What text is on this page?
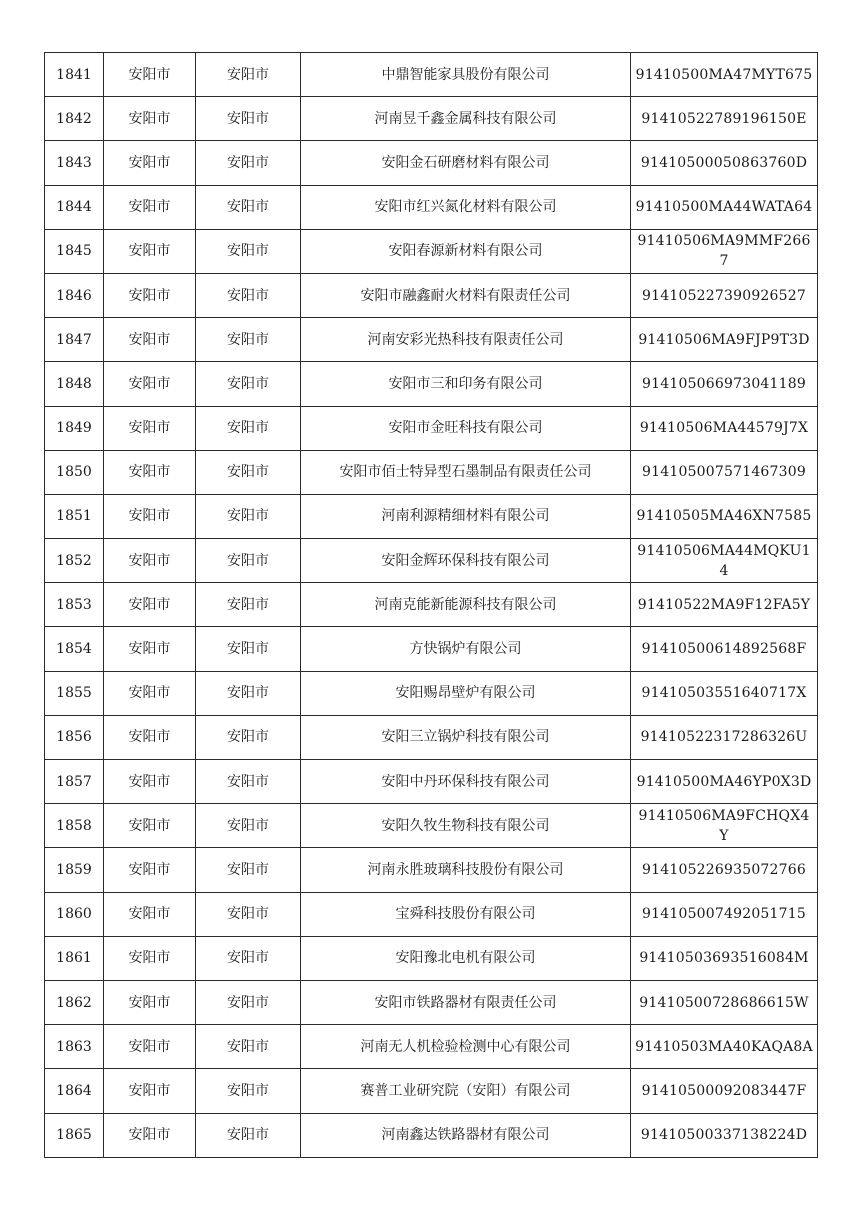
1841	安阳市	安阳市	中鼎智能家具股份有限公司	91410500MA47MYT675
1842	安阳市	安阳市	河南昱千鑫金属科技有限公司	91410522789196150E
1843	安阳市	安阳市	安阳金石研磨材料有限公司	91410500050863760D
1844	安阳市	安阳市	安阳市红兴氮化材料有限公司	91410500MA44WATA64
1845	安阳市	安阳市	安阳春源新材料有限公司	91410506MA9MMF2667
1846	安阳市	安阳市	安阳市融鑫耐火材料有限责任公司	914105227390926527
1847	安阳市	安阳市	河南安彩光热科技有限责任公司	91410506MA9FJP9T3D
1848	安阳市	安阳市	安阳市三和印务有限公司	914105066973041189
1849	安阳市	安阳市	安阳市金旺科技有限公司	91410506MA44579J7X
1850	安阳市	安阳市	安阳市佰士特异型石墨制品有限责任公司	914105007571467309
1851	安阳市	安阳市	河南利源精细材料有限公司	91410505MA46XN7585
1852	安阳市	安阳市	安阳金辉环保科技有限公司	91410506MA44MQKU14
1853	安阳市	安阳市	河南克能新能源科技有限公司	91410522MA9F12FA5Y
1854	安阳市	安阳市	方快锅炉有限公司	91410500614892568F
1855	安阳市	安阳市	安阳赐昂壁炉有限公司	91410503551640717X
1856	安阳市	安阳市	安阳三立锅炉科技有限公司	91410522317286326U
1857	安阳市	安阳市	安阳中丹环保科技有限公司	91410500MA46YP0X3D
1858	安阳市	安阳市	安阳久牧生物科技有限公司	91410506MA9FCHQX4Y
1859	安阳市	安阳市	河南永胜玻璃科技股份有限公司	914105226935072766
1860	安阳市	安阳市	宝舜科技股份有限公司	914105007492051715
1861	安阳市	安阳市	安阳豫北电机有限公司	91410503693516084M
1862	安阳市	安阳市	安阳市铁路器材有限责任公司	91410500728686615W
1863	安阳市	安阳市	河南无人机检验检测中心有限公司	91410503MA40KAQA8A
1864	安阳市	安阳市	赛普工业研究院（安阳）有限公司	91410500092083447F
1865	安阳市	安阳市	河南鑫达铁路器材有限公司	91410500337138224D
